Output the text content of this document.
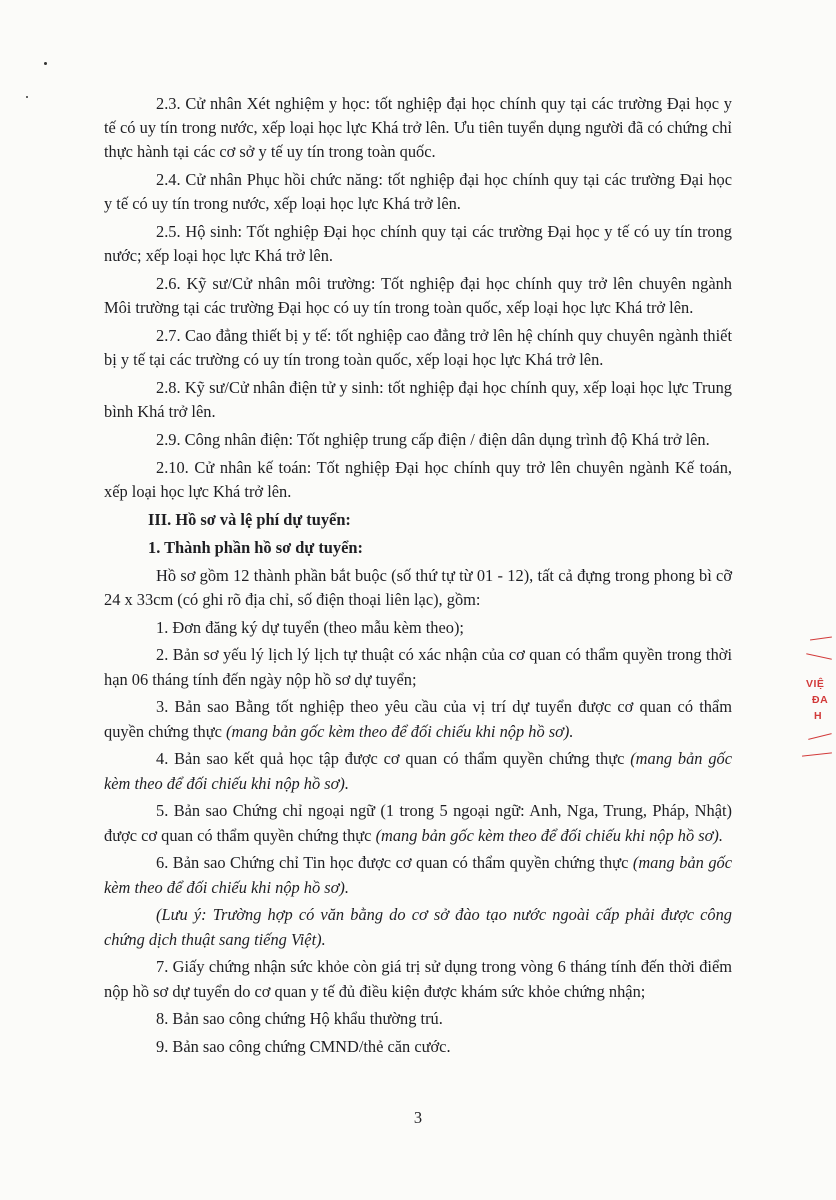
2.3. Cử nhân Xét nghiệm y học: tốt nghiệp đại học chính quy tại các trường Đại học y tế có uy tín trong nước, xếp loại học lực Khá trở lên. Ưu tiên tuyển dụng người đã có chứng chỉ thực hành tại các cơ sở y tế uy tín trong toàn quốc.

2.4. Cử nhân Phục hồi chức năng: tốt nghiệp đại học chính quy tại các trường Đại học y tế có uy tín trong nước, xếp loại học lực Khá trở lên.

2.5. Hộ sinh: Tốt nghiệp Đại học chính quy tại các trường Đại học y tế có uy tín trong nước; xếp loại học lực Khá trở lên.

2.6. Kỹ sư/Cử nhân môi trường: Tốt nghiệp đại học chính quy trở lên chuyên ngành Môi trường tại các trường Đại học có uy tín trong toàn quốc, xếp loại học lực Khá trở lên.

2.7. Cao đẳng thiết bị y tế: tốt nghiệp cao đẳng trở lên hệ chính quy chuyên ngành thiết bị y tế tại các trường có uy tín trong toàn quốc, xếp loại học lực Khá trở lên.

2.8. Kỹ sư/Cử nhân điện tử y sinh: tốt nghiệp đại học chính quy, xếp loại học lực Trung bình Khá trở lên.

2.9. Công nhân điện: Tốt nghiệp trung cấp điện / điện dân dụng trình độ Khá trở lên.

2.10. Cử nhân kế toán: Tốt nghiệp Đại học chính quy trở lên chuyên ngành Kế toán, xếp loại học lực Khá trở lên.

III. Hồ sơ và lệ phí dự tuyển:

1. Thành phần hồ sơ dự tuyển:

Hồ sơ gồm 12 thành phần bắt buộc (số thứ tự từ 01 - 12), tất cả đựng trong phong bì cỡ 24 x 33cm (có ghi rõ địa chỉ, số điện thoại liên lạc), gồm:

1. Đơn đăng ký dự tuyển (theo mẫu kèm theo);

2. Bản sơ yếu lý lịch lý lịch tự thuật có xác nhận của cơ quan có thẩm quyền trong thời hạn 06 tháng tính đến ngày nộp hồ sơ dự tuyển;

3. Bản sao Bằng tốt nghiệp theo yêu cầu của vị trí dự tuyển được cơ quan có thẩm quyền chứng thực (mang bản gốc kèm theo để đối chiếu khi nộp hồ sơ).

4. Bản sao kết quả học tập được cơ quan có thẩm quyền chứng thực (mang bản gốc kèm theo để đối chiếu khi nộp hồ sơ).

5. Bản sao Chứng chỉ ngoại ngữ (1 trong 5 ngoại ngữ: Anh, Nga, Trung, Pháp, Nhật) được cơ quan có thẩm quyền chứng thực (mang bản gốc kèm theo để đối chiếu khi nộp hồ sơ).

6. Bản sao Chứng chỉ Tin học được cơ quan có thẩm quyền chứng thực (mang bản gốc kèm theo để đối chiếu khi nộp hồ sơ).

(Lưu ý: Trường hợp có văn bằng do cơ sở đào tạo nước ngoài cấp phải được công chứng dịch thuật sang tiếng Việt).

7. Giấy chứng nhận sức khỏe còn giá trị sử dụng trong vòng 6 tháng tính đến thời điểm nộp hồ sơ dự tuyển do cơ quan y tế đủ điều kiện được khám sức khỏe chứng nhận;

8. Bản sao công chứng Hộ khẩu thường trú.

9. Bản sao công chứng CMND/thẻ căn cước.

3
VIỆ
ĐA
H
